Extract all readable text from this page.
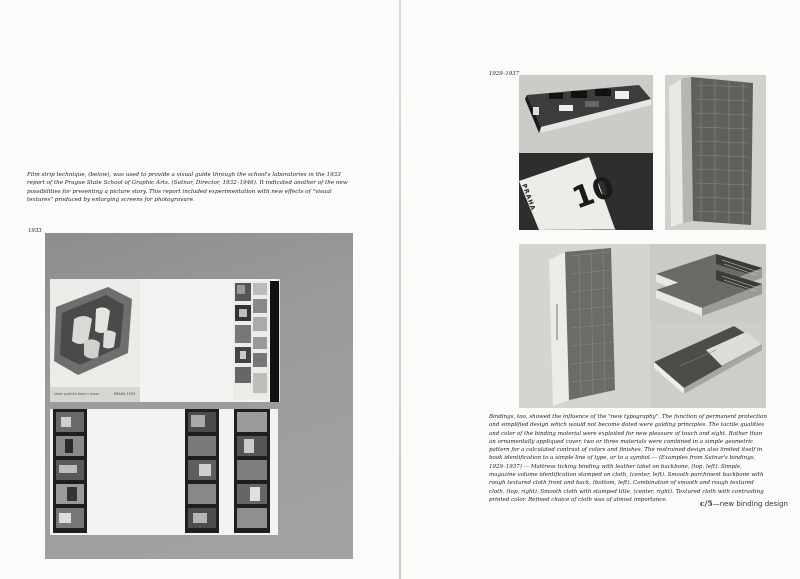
Film strip technique, (below), was used to provide a visual guide through the school's laboratories in the 1933 report of the Prague State School of Graphic Arts. (Sutnar, Director, 1932–1946). It indicated another of the new possibilities for presenting a picture story. This report included experimentation with new effects of "visual textures" produced by enlarging screens for photogravure.
1933
statni grafická škola v praze	PRAHA 1933
1929–1937
10
PRAHA
Bindings, too, showed the influence of the "new typography". The function of permanent protection and simplified design which would not become dated were guiding principles. The tactile qualities and color of the binding material were exploited for new pleasure of touch and sight. Rather than an ornamentally appliqued cover, two or three materials were combined in a simple geometric pattern for a calculated contrast of colors and finishes. The restrained design also limited itself in book identification to a simple line of type, or to a symbol.— (Examples from Sutnar's bindings, 1929–1937) — Mattress ticking binding with leather label on backbone, (top, left). Simple, magazine volume identification stamped on cloth, (center, left). Smooth parchment backbone with rough textured cloth front and back, (bottom, left). Combination of smooth and rough textured cloth, (top, right). Smooth cloth with stamped title, (center, right). Textured cloth with contrasting printed color. Refined choice of cloth was of almost importance.	c/5—new binding design
